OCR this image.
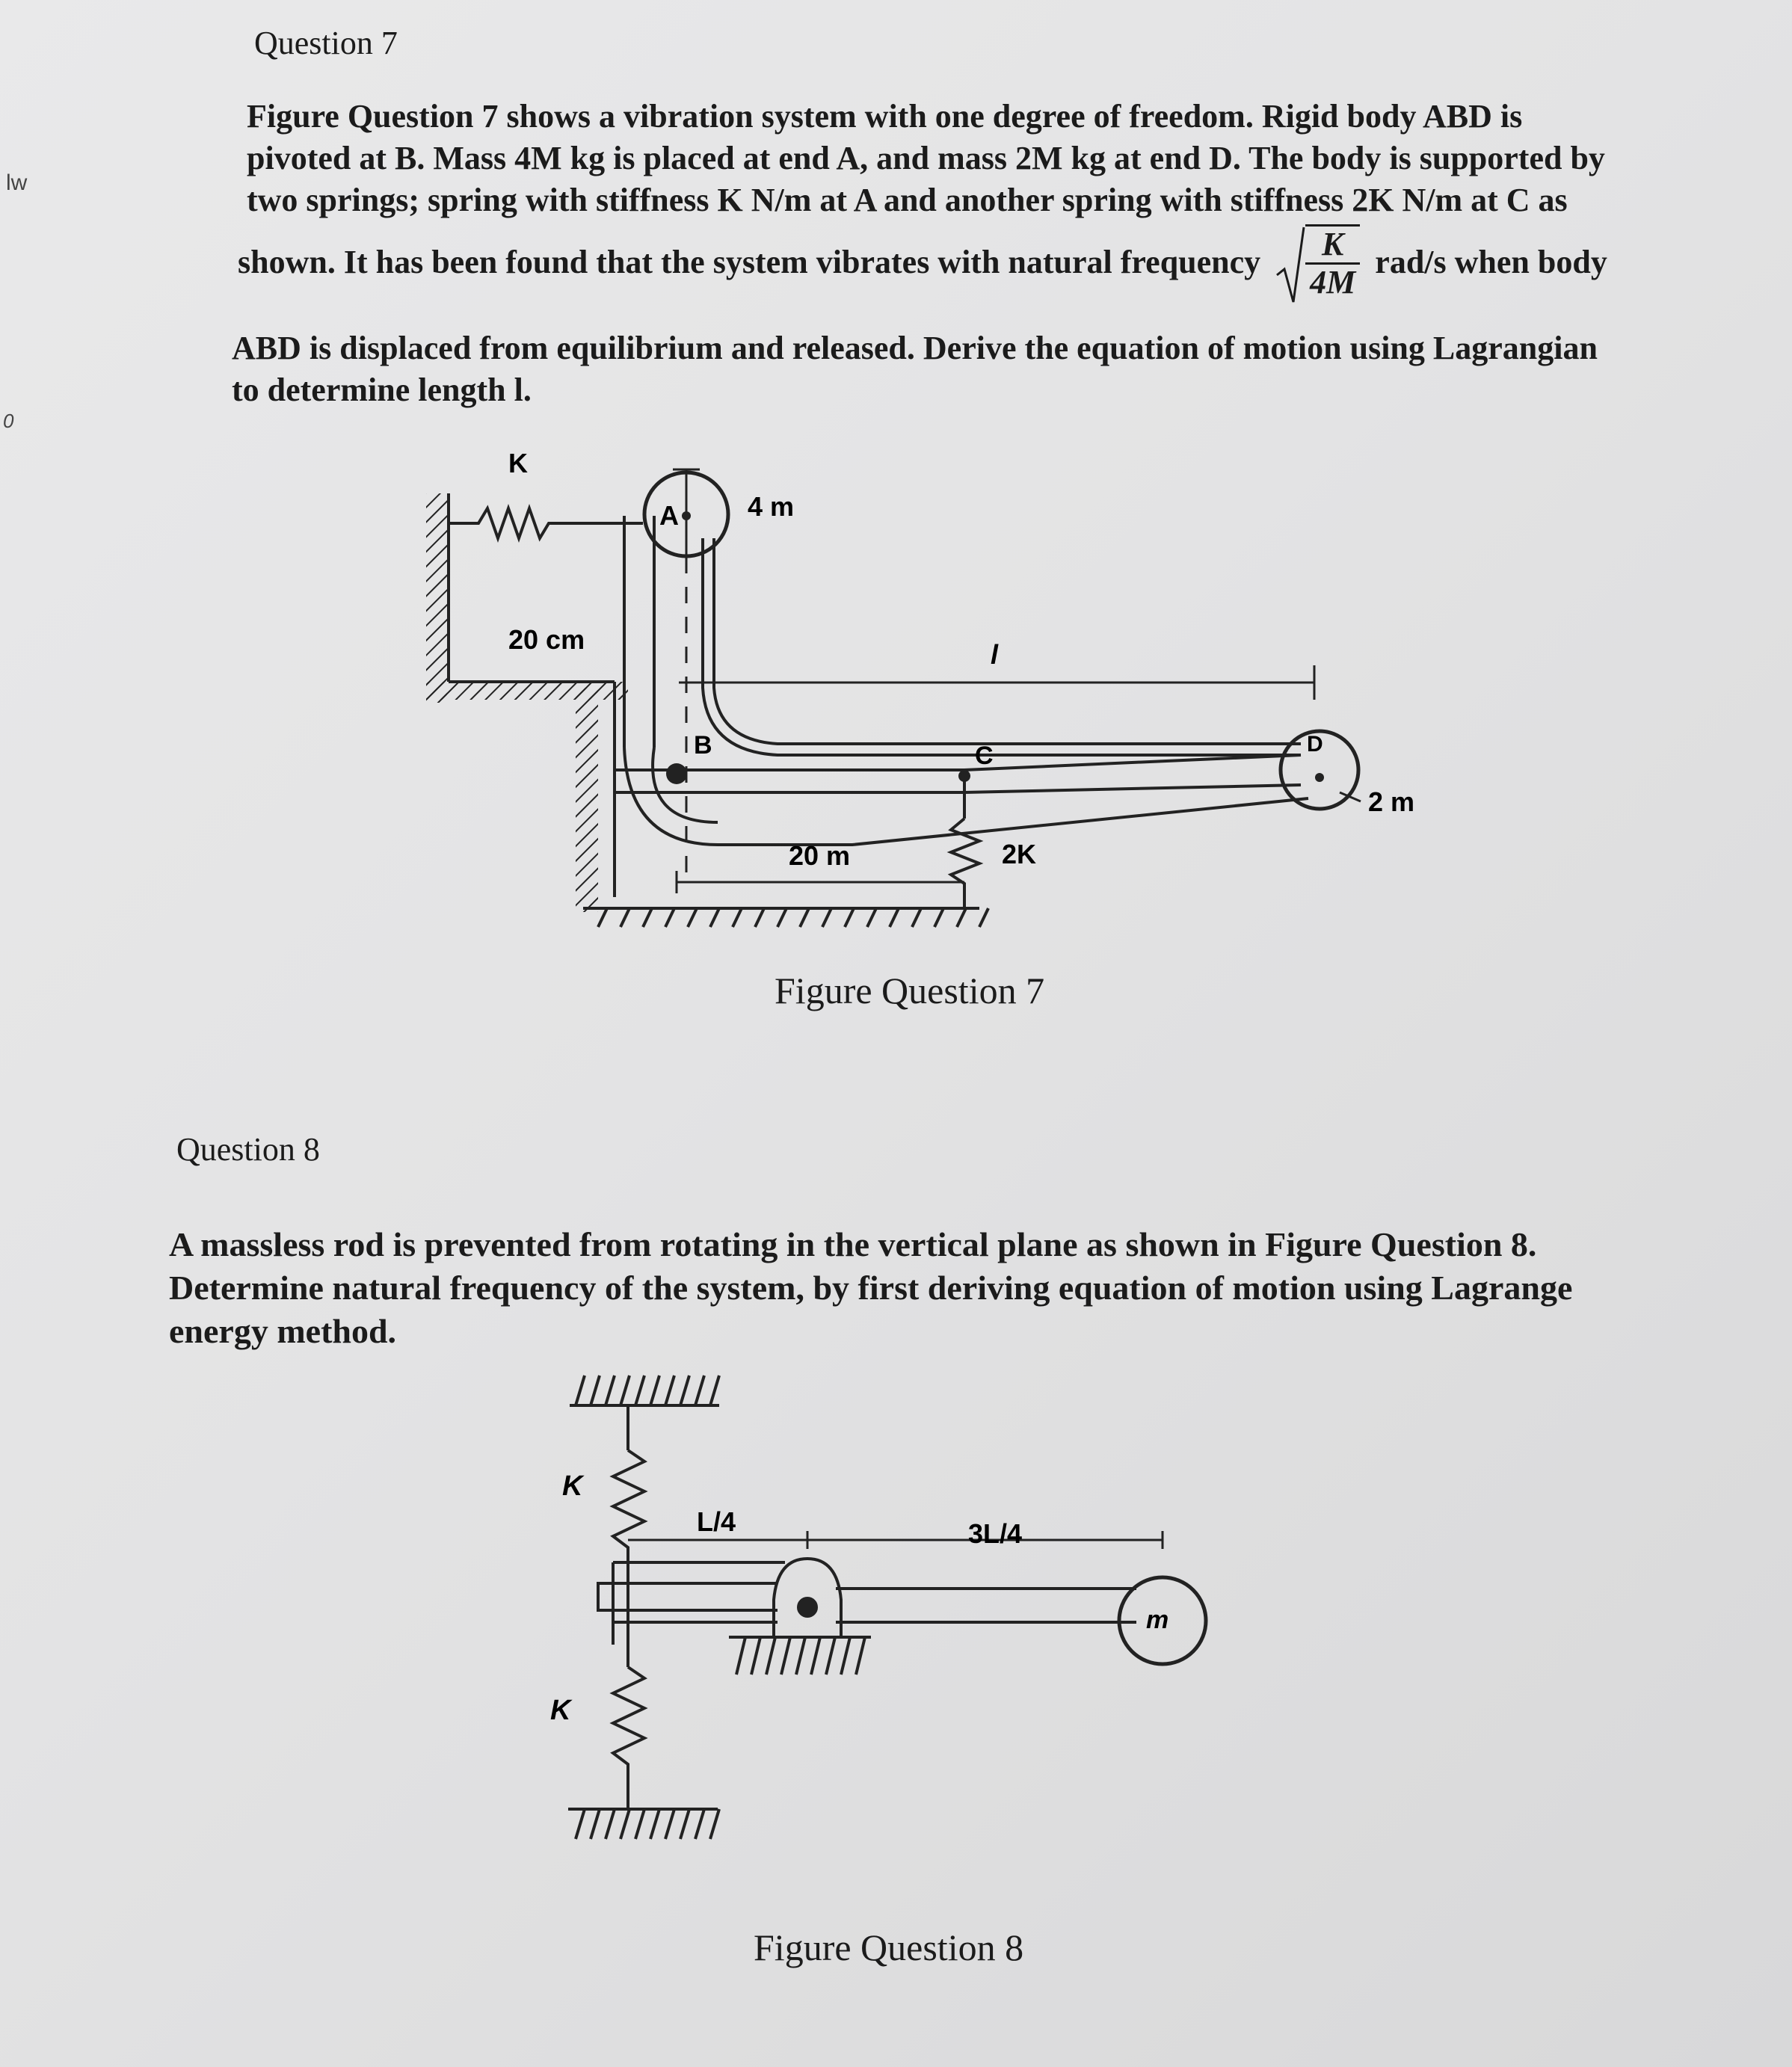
lw
0
Question 7
Figure Question 7 shows a vibration system with one degree of freedom. Rigid body ABD is
pivoted at B. Mass 4M kg is placed at end A, and mass 2M kg at end D. The body is supported by
two springs; spring with stiffness K N/m at A and another spring with stiffness 2K N/m at C as
shown. It has been found that the system vibrates with natural frequency $\frac{K}{4M} rad/s$ when body
ABD is displaced from equilibrium and released. Derive the equation of motion using Lagrangian
to determine length l.
K
A	4 m
20 cm	l
B	C	D
2 m
20 m	2K
Figure Question 7
Question 8
A massless rod is prevented from rotating in the vertical plane as shown in Figure Question 8.
Determine natural frequency of the system, by first deriving equation of motion using Lagrange
energy method.
K
K
L/4	3L/4
m
Figure Question 8
